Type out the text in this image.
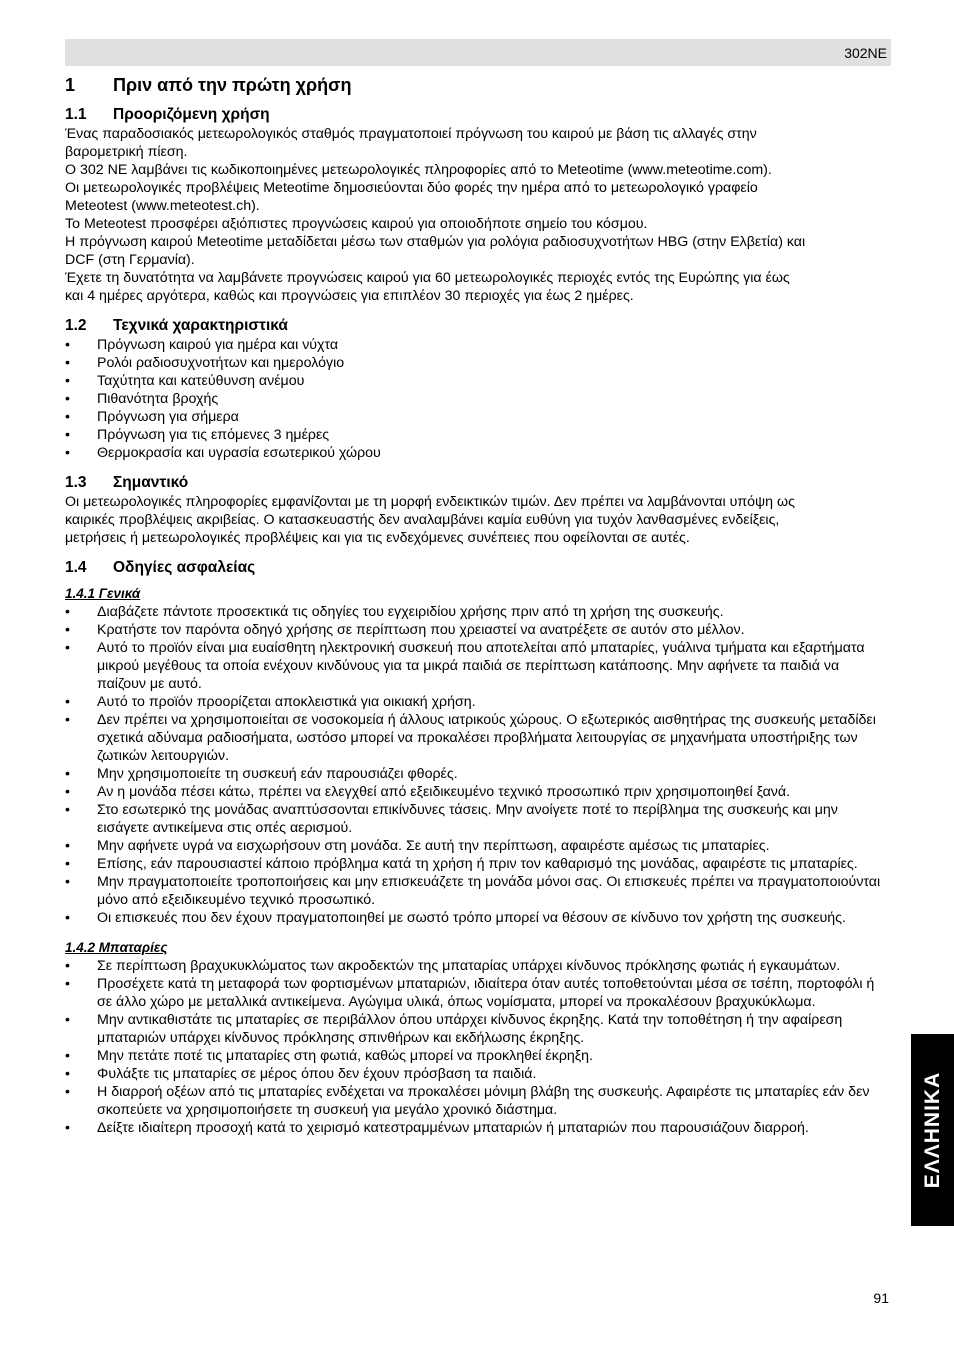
302NE
1 Πριν από την πρώτη χρήση
1.1 Προοριζόμενη χρήση
Ένας παραδοσιακός μετεωρολογικός σταθμός πραγματοποιεί πρόγνωση του καιρού με βάση τις αλλαγές στην
βαρομετρική πίεση.
Ο 302 ΝΕ λαμβάνει τις κωδικοποιημένες μετεωρολογικές πληροφορίες από το Meteotime (www.meteotime.com).
Οι μετεωρολογικές προβλέψεις Meteotime δημοσιεύονται δύο φορές την ημέρα από το μετεωρολογικό γραφείο
Meteotest (www.meteotest.ch).
Το Meteotest προσφέρει αξιόπιστες προγνώσεις καιρού για οποιοδήποτε σημείο του κόσμου.
Η πρόγνωση καιρού Meteotime μεταδίδεται μέσω των σταθμών για ρολόγια ραδιοσυχνοτήτων HBG (στην Ελβετία) και
DCF (στη Γερμανία).
Έχετε τη δυνατότητα να λαμβάνετε προγνώσεις καιρού για 60 μετεωρολογικές περιοχές εντός της Ευρώπης για έως
και 4 ημέρες αργότερα, καθώς και προγνώσεις για επιπλέον 30 περιοχές για έως 2 ημέρες.
1.2 Τεχνικά χαρακτηριστικά
• Πρόγνωση καιρού για ημέρα και νύχτα
• Ρολόι ραδιοσυχνοτήτων και ημερολόγιο
• Ταχύτητα και κατεύθυνση ανέμου
• Πιθανότητα βροχής
• Πρόγνωση για σήμερα
• Πρόγνωση για τις επόμενες 3 ημέρες
• Θερμοκρασία και υγρασία εσωτερικού χώρου
1.3 Σημαντικό
Οι μετεωρολογικές πληροφορίες εμφανίζονται με τη μορφή ενδεικτικών τιμών. Δεν πρέπει να λαμβάνονται υπόψη ως
καιρικές προβλέψεις ακριβείας. Ο κατασκευαστής δεν αναλαμβάνει καμία ευθύνη για τυχόν λανθασμένες ενδείξεις,
μετρήσεις ή μετεωρολογικές προβλέψεις και για τις ενδεχόμενες συνέπειες που οφείλονται σε αυτές.
1.4 Οδηγίες ασφαλείας
1.4.1 Γενικά
• Διαβάζετε πάντοτε προσεκτικά τις οδηγίες του εγχειριδίου χρήσης πριν από τη χρήση της συσκευής.
• Κρατήστε τον παρόντα οδηγό χρήσης σε περίπτωση που χρειαστεί να ανατρέξετε σε αυτόν στο μέλλον.
• Αυτό το προϊόν είναι μια ευαίσθητη ηλεκτρονική συσκευή που αποτελείται από μπαταρίες, γυάλινα τμήματα και εξαρτήματα μικρού μεγέθους τα οποία ενέχουν κινδύνους για τα μικρά παιδιά σε περίπτωση κατάποσης. Μην αφήνετε τα παιδιά να παίζουν με αυτό.
• Αυτό το προϊόν προορίζεται αποκλειστικά για οικιακή χρήση.
• Δεν πρέπει να χρησιμοποιείται σε νοσοκομεία ή άλλους ιατρικούς χώρους. Ο εξωτερικός αισθητήρας της συσκευής μεταδίδει σχετικά αδύναμα ραδιοσήματα, ωστόσο μπορεί να προκαλέσει προβλήματα λειτουργίας σε μηχανήματα υποστήριξης των ζωτικών λειτουργιών.
• Μην χρησιμοποιείτε τη συσκευή εάν παρουσιάζει φθορές.
• Αν η μονάδα πέσει κάτω, πρέπει να ελεγχθεί από εξειδικευμένο τεχνικό προσωπικό πριν χρησιμοποιηθεί ξανά.
• Στο εσωτερικό της μονάδας αναπτύσσονται επικίνδυνες τάσεις. Μην ανοίγετε ποτέ το περίβλημα της συσκευής και μην εισάγετε αντικείμενα στις οπές αερισμού.
• Μην αφήνετε υγρά να εισχωρήσουν στη μονάδα. Σε αυτή την περίπτωση, αφαιρέστε αμέσως τις μπαταρίες.
• Επίσης, εάν παρουσιαστεί κάποιο πρόβλημα κατά τη χρήση ή πριν τον καθαρισμό της μονάδας, αφαιρέστε τις μπαταρίες.
• Μην πραγματοποιείτε τροποποιήσεις και μην επισκευάζετε τη μονάδα μόνοι σας. Οι επισκευές πρέπει να πραγματοποιούνται μόνο από εξειδικευμένο τεχνικό προσωπικό.
• Οι επισκευές που δεν έχουν πραγματοποιηθεί με σωστό τρόπο μπορεί να θέσουν σε κίνδυνο τον χρήστη της συσκευής.
1.4.2 Μπαταρίες
• Σε περίπτωση βραχυκυκλώματος των ακροδεκτών της μπαταρίας υπάρχει κίνδυνος πρόκλησης φωτιάς ή εγκαυμάτων.
• Προσέχετε κατά τη μεταφορά των φορτισμένων μπαταριών, ιδιαίτερα όταν αυτές τοποθετούνται μέσα σε τσέπη, πορτοφόλι ή σε άλλο χώρο με μεταλλικά αντικείμενα. Αγώγιμα υλικά, όπως νομίσματα, μπορεί να προκαλέσουν βραχυκύκλωμα.
• Μην αντικαθιστάτε τις μπαταρίες σε περιβάλλον όπου υπάρχει κίνδυνος έκρηξης. Κατά την τοποθέτηση ή την αφαίρεση μπαταριών υπάρχει κίνδυνος πρόκλησης σπινθήρων και εκδήλωσης έκρηξης.
• Μην πετάτε ποτέ τις μπαταρίες στη φωτιά, καθώς μπορεί να προκληθεί έκρηξη.
• Φυλάξτε τις μπαταρίες σε μέρος όπου δεν έχουν πρόσβαση τα παιδιά.
• Η διαρροή οξέων από τις μπαταρίες ενδέχεται να προκαλέσει μόνιμη βλάβη της συσκευής. Αφαιρέστε τις μπαταρίες εάν δεν σκοπεύετε να χρησιμοποιήσετε τη συσκευή για μεγάλο χρονικό διάστημα.
• Δείξτε ιδιαίτερη προσοχή κατά το χειρισμό κατεστραμμένων μπαταριών ή μπαταριών που παρουσιάζουν διαρροή.	ΕΛΛΗΝΙΚΑ
91
